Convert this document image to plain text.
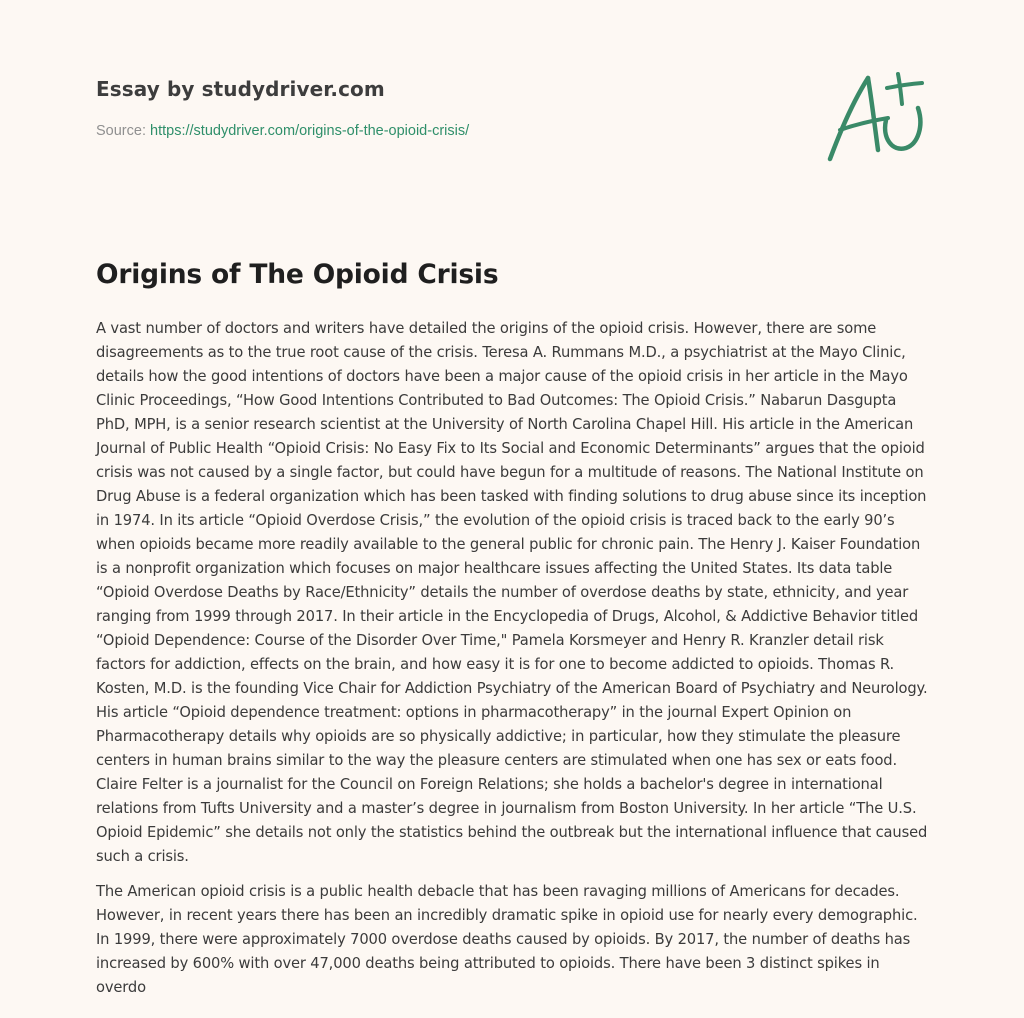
Essay by studydriver.com
Source: https://studydriver.com/origins-of-the-opioid-crisis/
Origins of The Opioid Crisis

A vast number of doctors and writers have detailed the origins of the opioid crisis. However, there are some disagreements as to the true root cause of the crisis. Teresa A. Rummans M.D., a psychiatrist at the Mayo Clinic, details how the good intentions of doctors have been a major cause of the opioid crisis in her article in the Mayo Clinic Proceedings, “How Good Intentions Contributed to Bad Outcomes: The Opioid Crisis.” Nabarun Dasgupta PhD, MPH, is a senior research scientist at the University of North Carolina Chapel Hill. His article in the American Journal of Public Health “Opioid Crisis: No Easy Fix to Its Social and Economic Determinants” argues that the opioid crisis was not caused by a single factor, but could have begun for a multitude of reasons. The National Institute on Drug Abuse is a federal organization which has been tasked with finding solutions to drug abuse since its inception in 1974. In its article “Opioid Overdose Crisis,” the evolution of the opioid crisis is traced back to the early 90’s when opioids became more readily available to the general public for chronic pain. The Henry J. Kaiser Foundation is a nonprofit organization which focuses on major healthcare issues affecting the United States. Its data table “Opioid Overdose Deaths by Race/Ethnicity” details the number of overdose deaths by state, ethnicity, and year ranging from 1999 through 2017. In their article in the Encyclopedia of Drugs, Alcohol, & Addictive Behavior titled “Opioid Dependence: Course of the Disorder Over Time," Pamela Korsmeyer and Henry R. Kranzler detail risk factors for addiction, effects on the brain, and how easy it is for one to become addicted to opioids. Thomas R. Kosten, M.D. is the founding Vice Chair for Addiction Psychiatry of the American Board of Psychiatry and Neurology. His article “Opioid dependence treatment: options in pharmacotherapy” in the journal Expert Opinion on Pharmacotherapy details why opioids are so physically addictive; in particular, how they stimulate the pleasure centers in human brains similar to the way the pleasure centers are stimulated when one has sex or eats food. Claire Felter is a journalist for the Council on Foreign Relations; she holds a bachelor's degree in international relations from Tufts University and a master’s degree in journalism from Boston University. In her article “The U.S. Opioid Epidemic” she details not only the statistics behind the outbreak but the international influence that caused such a crisis.

The American opioid crisis is a public health debacle that has been ravaging millions of Americans for decades. However, in recent years there has been an incredibly dramatic spike in opioid use for nearly every demographic. In 1999, there were approximately 7000 overdose deaths caused by opioids. By 2017, the number of deaths has increased by 600% with over 47,000 deaths being attributed to opioids. There have been 3 distinct spikes in overdo
